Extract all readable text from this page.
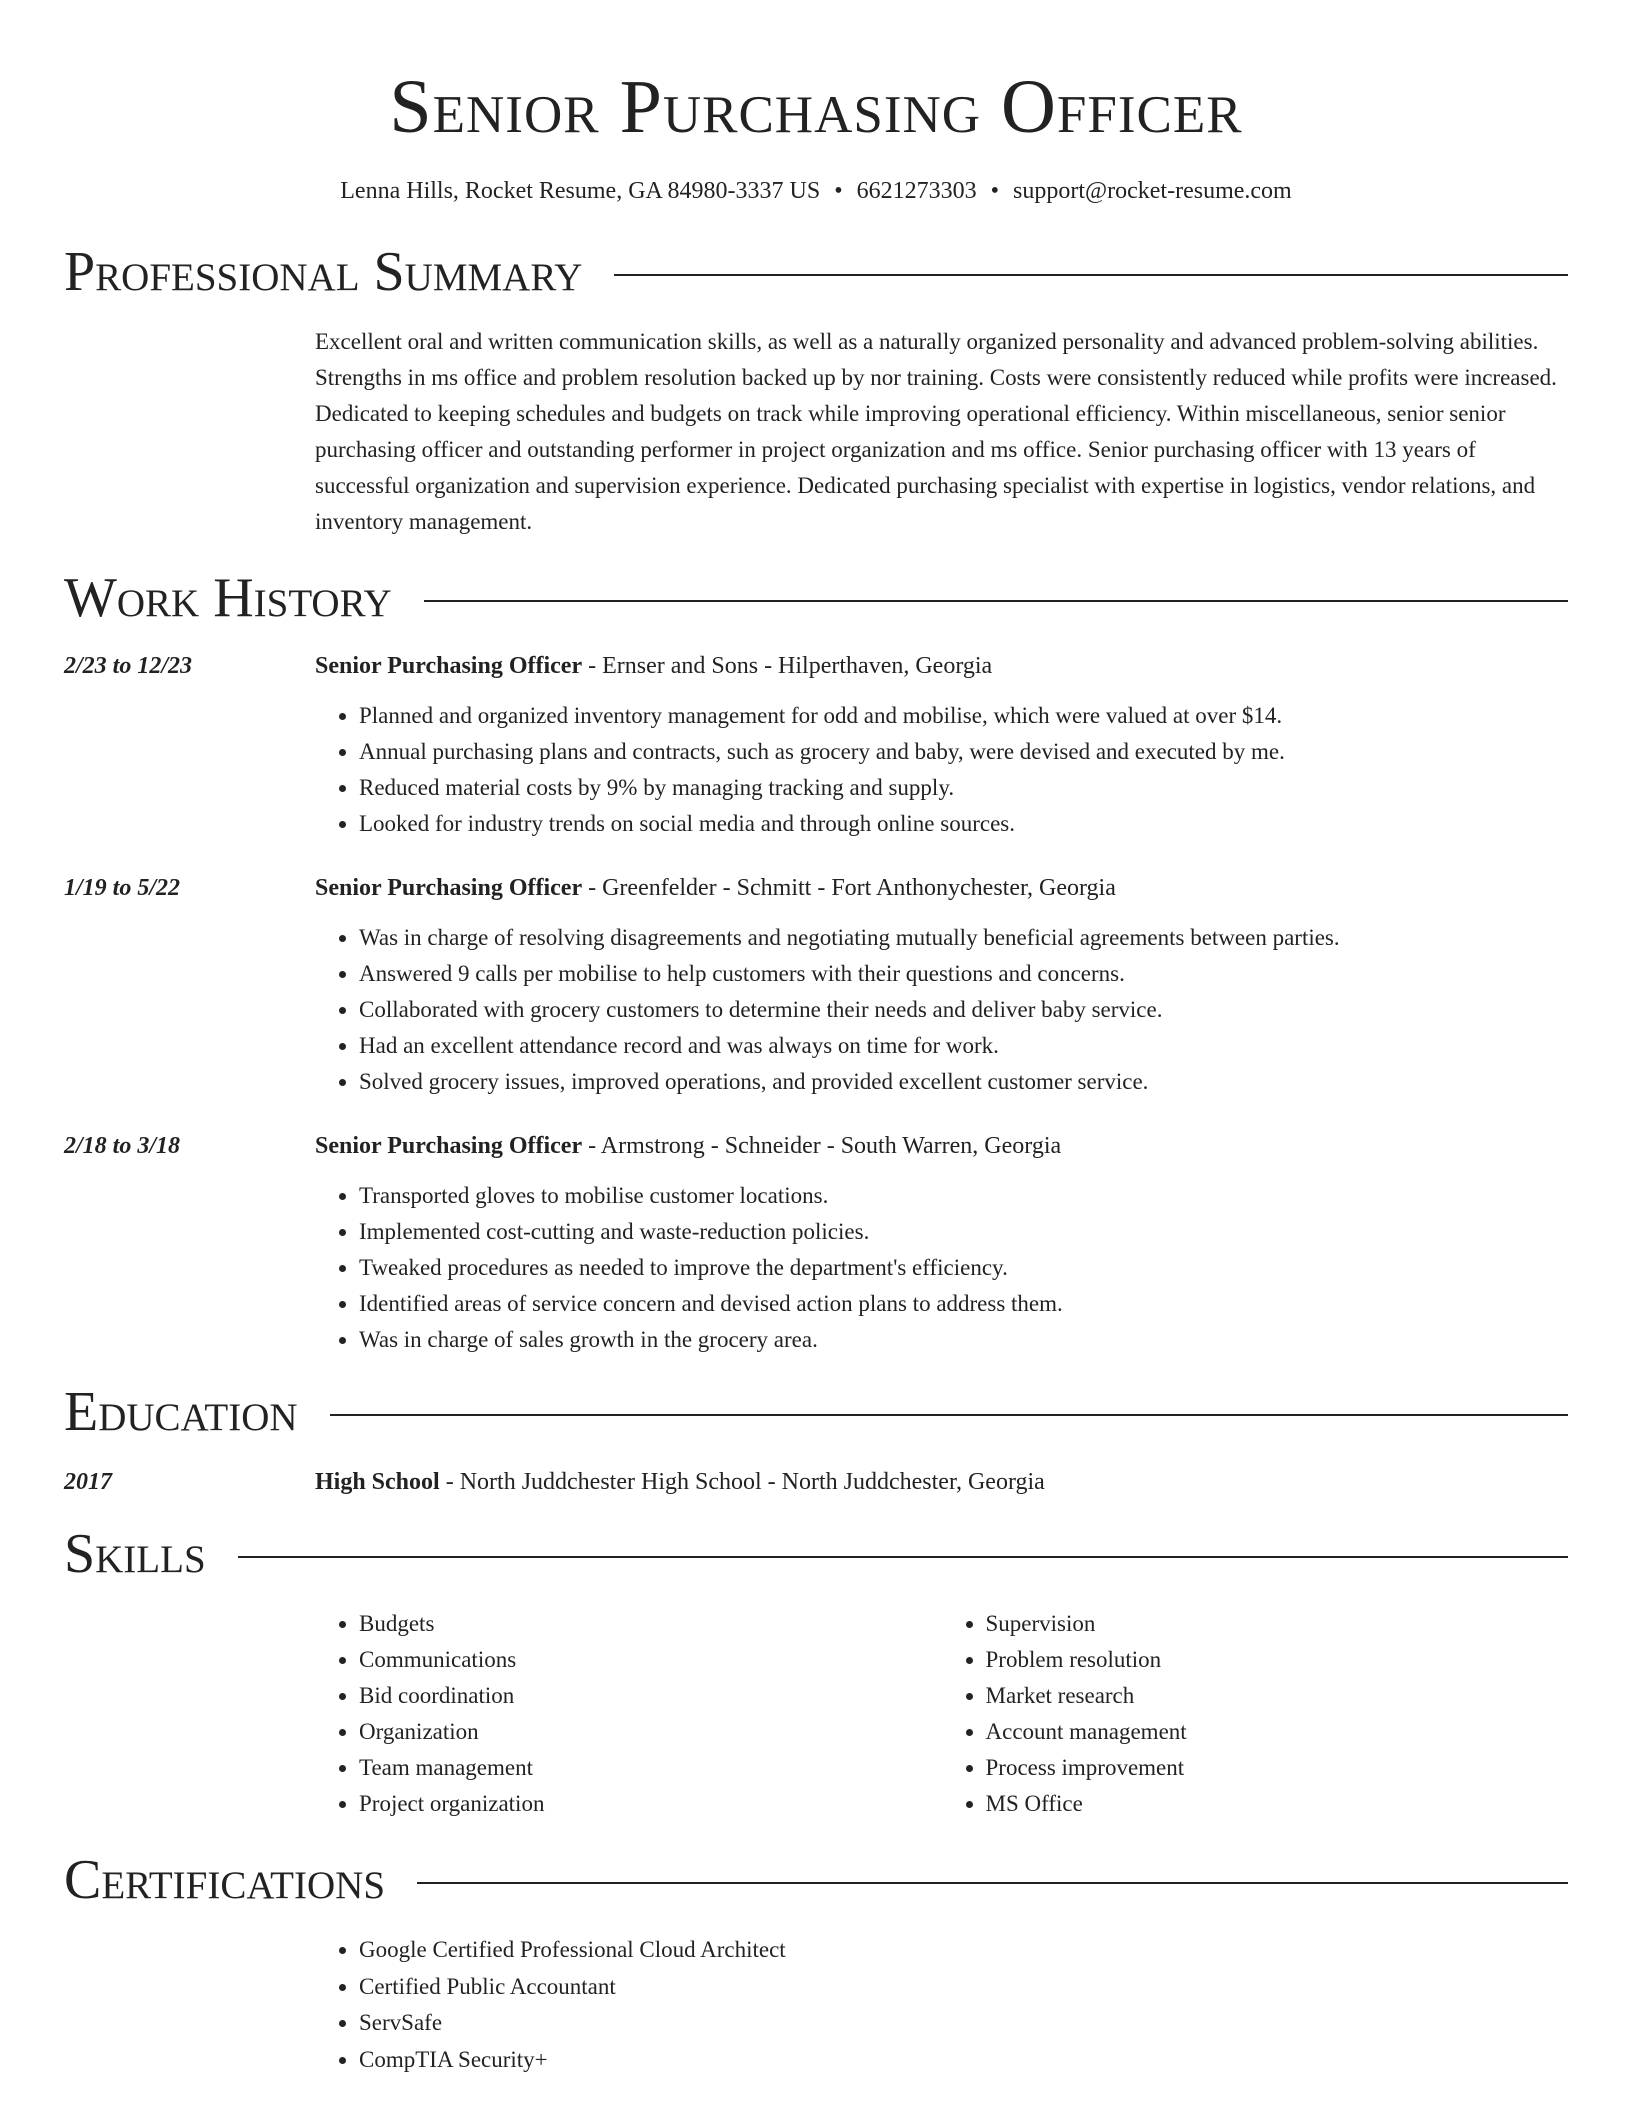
Senior Purchasing Officer
Lenna Hills, Rocket Resume, GA 84980-3337 US • 6621273303 • support@rocket-resume.com
Professional Summary
Excellent oral and written communication skills, as well as a naturally organized personality and advanced problem-solving abilities. Strengths in ms office and problem resolution backed up by nor training. Costs were consistently reduced while profits were increased. Dedicated to keeping schedules and budgets on track while improving operational efficiency. Within miscellaneous, senior senior purchasing officer and outstanding performer in project organization and ms office. Senior purchasing officer with 13 years of successful organization and supervision experience. Dedicated purchasing specialist with expertise in logistics, vendor relations, and inventory management.
Work History
2/23 to 12/23	Senior Purchasing Officer - Ernser and Sons - Hilperthaven, Georgia
• Planned and organized inventory management for odd and mobilise, which were valued at over $14.
• Annual purchasing plans and contracts, such as grocery and baby, were devised and executed by me.
• Reduced material costs by 9% by managing tracking and supply.
• Looked for industry trends on social media and through online sources.
1/19 to 5/22	Senior Purchasing Officer - Greenfelder - Schmitt - Fort Anthonychester, Georgia
• Was in charge of resolving disagreements and negotiating mutually beneficial agreements between parties.
• Answered 9 calls per mobilise to help customers with their questions and concerns.
• Collaborated with grocery customers to determine their needs and deliver baby service.
• Had an excellent attendance record and was always on time for work.
• Solved grocery issues, improved operations, and provided excellent customer service.
2/18 to 3/18	Senior Purchasing Officer - Armstrong - Schneider - South Warren, Georgia
• Transported gloves to mobilise customer locations.
• Implemented cost-cutting and waste-reduction policies.
• Tweaked procedures as needed to improve the department's efficiency.
• Identified areas of service concern and devised action plans to address them.
• Was in charge of sales growth in the grocery area.
Education
2017	High School - North Juddchester High School - North Juddchester, Georgia
Skills
• Budgets
• Communications
• Bid coordination
• Organization
• Team management
• Project organization
• Supervision
• Problem resolution
• Market research
• Account management
• Process improvement
• MS Office
Certifications
• Google Certified Professional Cloud Architect
• Certified Public Accountant
• ServSafe
• CompTIA Security+
